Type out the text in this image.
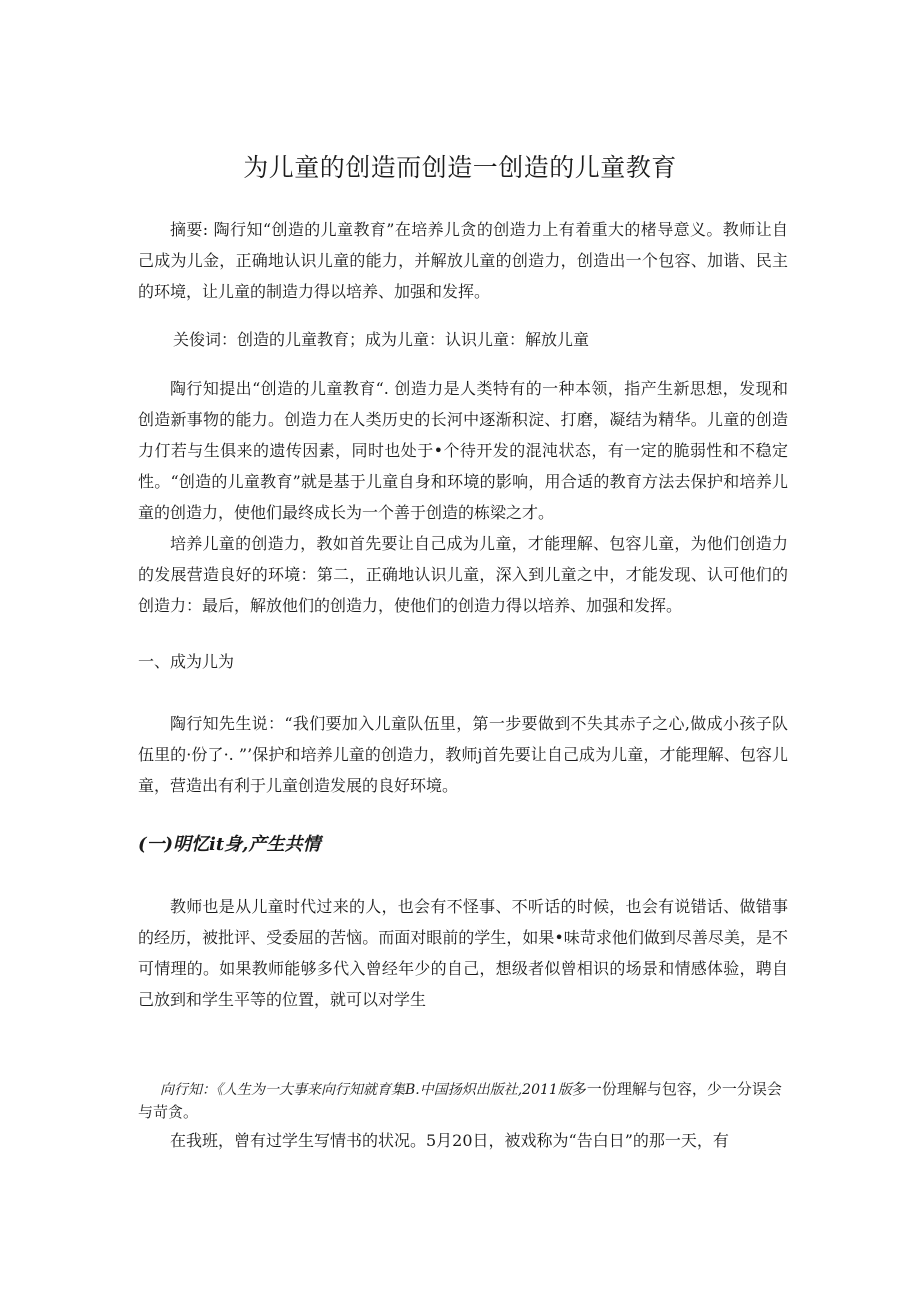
为儿童的创造而创造一创造的儿童教育

摘要: 陶行知“创造的儿童教育”在培养儿贪的创造力上有着重大的楮导意义。教师让自己成为儿金，正确地认识儿童的能力，并解放儿童的创造力，创造出一个包容、加谐、民主的环境，让儿童的制造力得以培养、加强和发挥。

关俊词：创造的儿童教育；成为儿童：认识儿童：解放儿童

陶行知提出“创造的儿童教育“. 创造力是人类特有的一种本领，指产生新思想，发现和创造新事物的能力。创造力在人类历史的长河中逐渐积淀、打磨，凝结为精华。儿童的创造力仃若与生俱来的遗传因素，同时也处于•个待开发的混沌状态，有一定的脆弱性和不稳定性。“创造的儿童教育”就是基于儿童自身和环境的影响，用合适的教育方法去保护和培养儿童的创造力，使他们最终成长为一个善于创造的栋梁之才。

培养儿童的创造力，教如首先要让自己成为儿童，才能理解、包容儿童，为他们创造力的发展营造良好的环境：第二，正确地认识儿童，深入到儿童之中，才能发现、认可他们的创造力：最后，解放他们的创造力，使他们的创造力得以培养、加强和发挥。

一、成为儿为

陶行知先生说：“我们要加入儿童队伍里，第一步要做到不失其赤子之心,做成小孩子队伍里的·份了·. ”’保护和培养儿童的创造力，教师j首先要让自己成为儿童，才能理解、包容儿童，营造出有利于儿童创造发展的良好环境。

(一)明忆it身,产生共情

教师也是从儿童时代过来的人，也会有不怪事、不听话的时候，也会有说错话、做错事的经历，被批评、受委屈的苦恼。而面对眼前的学生，如果•味苛求他们做到尽善尽美，是不可情理的。如果教师能够多代入曾经年少的自己，想级者似曾相识的场景和情感体验，聘自己放到和学生平等的位置，就可以对学生

向行知：《人生为一大事来向行知就育集B.中国扬炽出版社,2011版多一份理解与包容，少一分误会与苛贪。

在我班，曾有过学生写情书的状况。5月20日，被戏称为“告白日”的那一天，有
